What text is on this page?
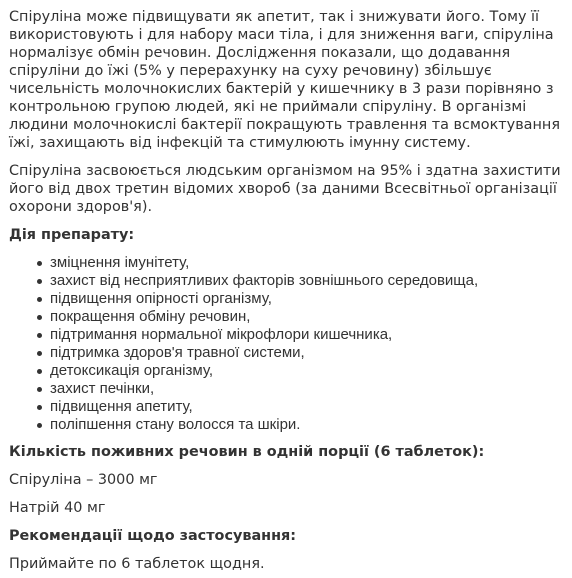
Спіруліна може підвищувати як апетит, так і знижувати його. Тому її використовують і для набору маси тіла, і для зниження ваги, спіруліна нормалізує обмін речовин. Дослідження показали, що додавання спіруліни до їжі (5% у перерахунку на суху речовину) збільшує чисельність молочнокислих бактерій у кишечнику в 3 рази порівняно з контрольною групою людей, які не приймали спіруліну. В організмі людини молочнокислі бактерії покращують травлення та всмоктування їжі, захищають від інфекцій та стимулюють імунну систему.

Спіруліна засвоюється людським організмом на 95% і здатна захистити його від двох третин відомих хвороб (за даними Всесвітньої організації охорони здоров'я).

Дія препарату:

зміцнення імунітету,
захист від несприятливих факторів зовнішнього середовища,
підвищення опірності організму,
покращення обміну речовин,
підтримання нормальної мікрофлори кишечника,
підтримка здоров'я травної системи,
детоксикація організму,
захист печінки,
підвищення апетиту,
поліпшення стану волосся та шкіри.

Кількість поживних речовин в одній порції (6 таблеток):

Спіруліна – 3000 мг

Натрій 40 мг

Рекомендації щодо застосування:

Приймайте по 6 таблеток щодня.
